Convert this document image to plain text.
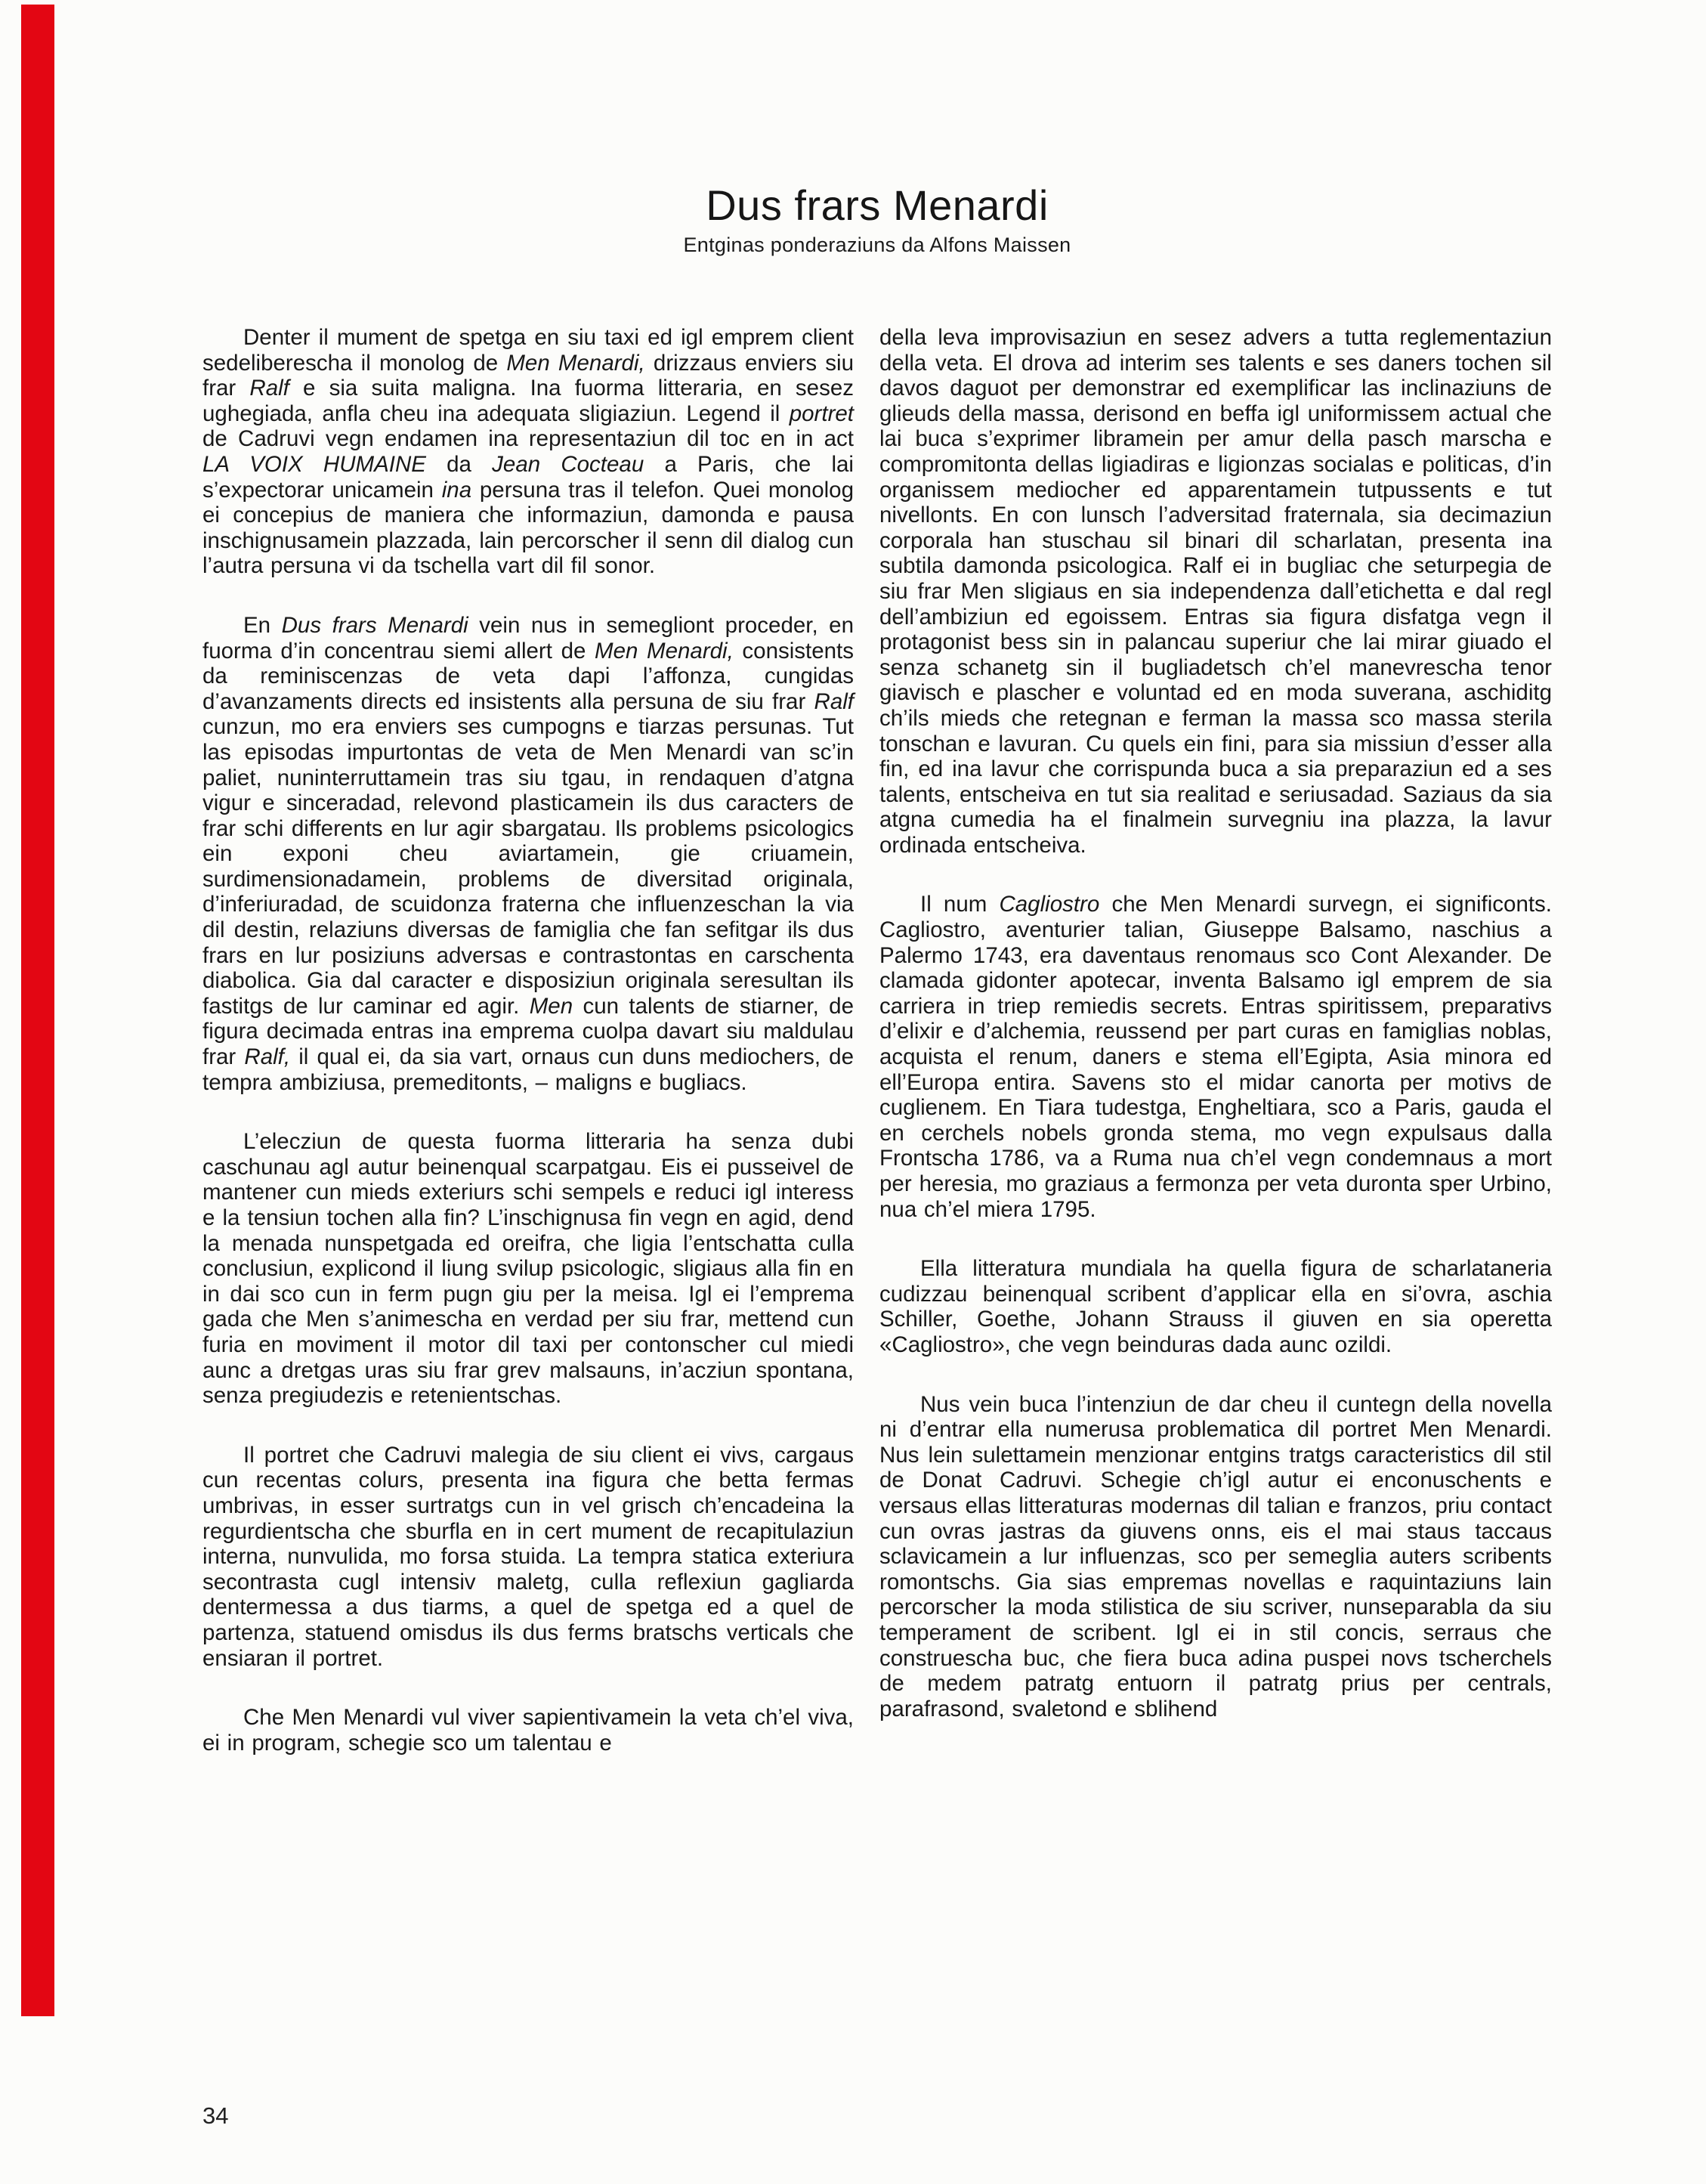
Dus frars Menardi
Entginas ponderaziuns da Alfons Maissen

Denter il mument de spetga en siu taxi ed igl emprem client sedeliberescha il monolog de Men Menardi, drizzaus enviers siu frar Ralf e sia suita maligna. Ina fuorma litteraria, en sesez ughegiada, anfla cheu ina adequata sligiaziun. Legend il portret de Cadruvi vegn endamen ina representaziun dil toc en in act LA VOIX HUMAINE da Jean Cocteau a Paris, che lai s’expectorar unicamein ina persuna tras il telefon. Quei monolog ei concepius de maniera che informaziun, damonda e pausa inschignusamein plazzada, lain percorscher il senn dil dialog cun l’autra persuna vi da tschella vart dil fil sonor.

En Dus frars Menardi vein nus in semegliont proceder, en fuorma d’in concentrau siemi allert de Men Menardi, consistents da reminiscenzas de veta dapi l’affonza, cungidas d’avanzaments directs ed insistents alla persuna de siu frar Ralf cunzun, mo era enviers ses cumpogns e tiarzas persunas. Tut las episodas impurtontas de veta de Men Menardi van sc’in paliet, nuninterruttamein tras siu tgau, in rendaquen d’atgna vigur e sinceradad, relevond plasticamein ils dus caracters de frar schi differents en lur agir sbargatau. Ils problems psicologics ein exponi cheu aviartamein, gie criuamein, surdimensionadamein, problems de diversitad originala, d’inferiuradad, de scuidonza fraterna che influenzeschan la via dil destin, relaziuns diversas de famiglia che fan sefitgar ils dus frars en lur posiziuns adversas e contrastontas en carschenta diabolica. Gia dal caracter e disposiziun originala seresultan ils fastitgs de lur caminar ed agir. Men cun talents de stiarner, de figura decimada entras ina emprema cuolpa davart siu maldulau frar Ralf, il qual ei, da sia vart, ornaus cun duns mediochers, de tempra ambiziusa, premeditonts, – maligns e bugliacs.

L’elecziun de questa fuorma litteraria ha senza dubi caschunau agl autur beinenqual scarpatgau. Eis ei pusseivel de mantener cun mieds exteriurs schi sempels e reduci igl interess e la tensiun tochen alla fin? L’inschignusa fin vegn en agid, dend la menada nunspetgada ed oreifra, che ligia l’entschatta culla conclusiun, explicond il liung svilup psicologic, sligiaus alla fin en in dai sco cun in ferm pugn giu per la meisa. Igl ei l’emprema gada che Men s’animescha en verdad per siu frar, mettend cun furia en moviment il motor dil taxi per contonscher cul miedi aunc a dretgas uras siu frar grev malsauns, in’acziun spontana, senza pregiudezis e retenientschas.

Il portret che Cadruvi malegia de siu client ei vivs, cargaus cun recentas colurs, presenta ina figura che betta fermas umbrivas, in esser surtratgs cun in vel grisch ch’encadeina la regurdientscha che sburfla en in cert mument de recapitulaziun interna, nunvulida, mo forsa stuida. La tempra statica exteriura secontrasta cugl intensiv maletg, culla reflexiun gagliarda dentermessa a dus tiarms, a quel de spetga ed a quel de partenza, statuend omisdus ils dus ferms bratschs verticals che ensiaran il portret.

Che Men Menardi vul viver sapientivamein la veta ch’el viva, ei in program, schegie sco um talentau e

della leva improvisaziun en sesez advers a tutta reglementaziun della veta. El drova ad interim ses talents e ses daners tochen sil davos daguot per demonstrar ed exemplificar las inclinaziuns de glieuds della massa, derisond en beffa igl uniformissem actual che lai buca s’exprimer libramein per amur della pasch marscha e compromitonta dellas ligiadiras e ligionzas socialas e politicas, d’in organissem mediocher ed apparentamein tutpussents e tut nivellonts. En con lunsch l’adversitad fraternala, sia decimaziun corporala han stuschau sil binari dil scharlatan, presenta ina subtila damonda psicologica. Ralf ei in bugliac che seturpegia de siu frar Men sligiaus en sia independenza dall’etichetta e dal regl dell’ambiziun ed egoissem. Entras sia figura disfatga vegn il protagonist bess sin in palancau superiur che lai mirar giuado el senza schanetg sin il bugliadetsch ch’el manevrescha tenor giavisch e plascher e voluntad ed en moda suverana, aschiditg ch’ils mieds che retegnan e ferman la massa sco massa sterila tonschan e lavuran. Cu quels ein fini, para sia missiun d’esser alla fin, ed ina lavur che corrispunda buca a sia preparaziun ed a ses talents, entscheiva en tut sia realitad e seriusadad. Saziaus da sia atgna cumedia ha el finalmein survegniu ina plazza, la lavur ordinada entscheiva.

Il num Cagliostro che Men Menardi survegn, ei significonts. Cagliostro, aventurier talian, Giuseppe Balsamo, naschius a Palermo 1743, era daventaus renomaus sco Cont Alexander. De clamada gidonter apotecar, inventa Balsamo igl emprem de sia carriera in triep remiedis secrets. Entras spiritissem, preparativs d’elixir e d’alchemia, reussend per part curas en famiglias noblas, acquista el renum, daners e stema ell’Egipta, Asia minora ed ell’Europa entira. Savens sto el midar canorta per motivs de cuglienem. En Tiara tudestga, Engheltiara, sco a Paris, gauda el en cerchels nobels gronda stema, mo vegn expulsaus dalla Frontscha 1786, va a Ruma nua ch’el vegn condemnaus a mort per heresia, mo graziaus a fermonza per veta duronta sper Urbino, nua ch’el miera 1795.

Ella litteratura mundiala ha quella figura de scharlataneria cudizzau beinenqual scribent d’applicar ella en si’ovra, aschia Schiller, Goethe, Johann Strauss il giuven en sia operetta «Cagliostro», che vegn beinduras dada aunc ozildi.

Nus vein buca l’intenziun de dar cheu il cuntegn della novella ni d’entrar ella numerusa problematica dil portret Men Menardi. Nus lein sulettamein menzionar entgins tratgs caracteristics dil stil de Donat Cadruvi. Schegie ch’igl autur ei enconuschents e versaus ellas litteraturas modernas dil talian e franzos, priu contact cun ovras jastras da giuvens onns, eis el mai staus taccaus sclavicamein a lur influenzas, sco per semeglia auters scribents romontschs. Gia sias empremas novellas e raquintaziuns lain percorscher la moda stilistica de siu scriver, nunseparabla da siu temperament de scribent. Igl ei in stil concis, serraus che construescha buc, che fiera buca adina puspei novs tscherchels de medem patratg entuorn il patratg prius per centrals, parafrasond, svaletond e sblihend

34
